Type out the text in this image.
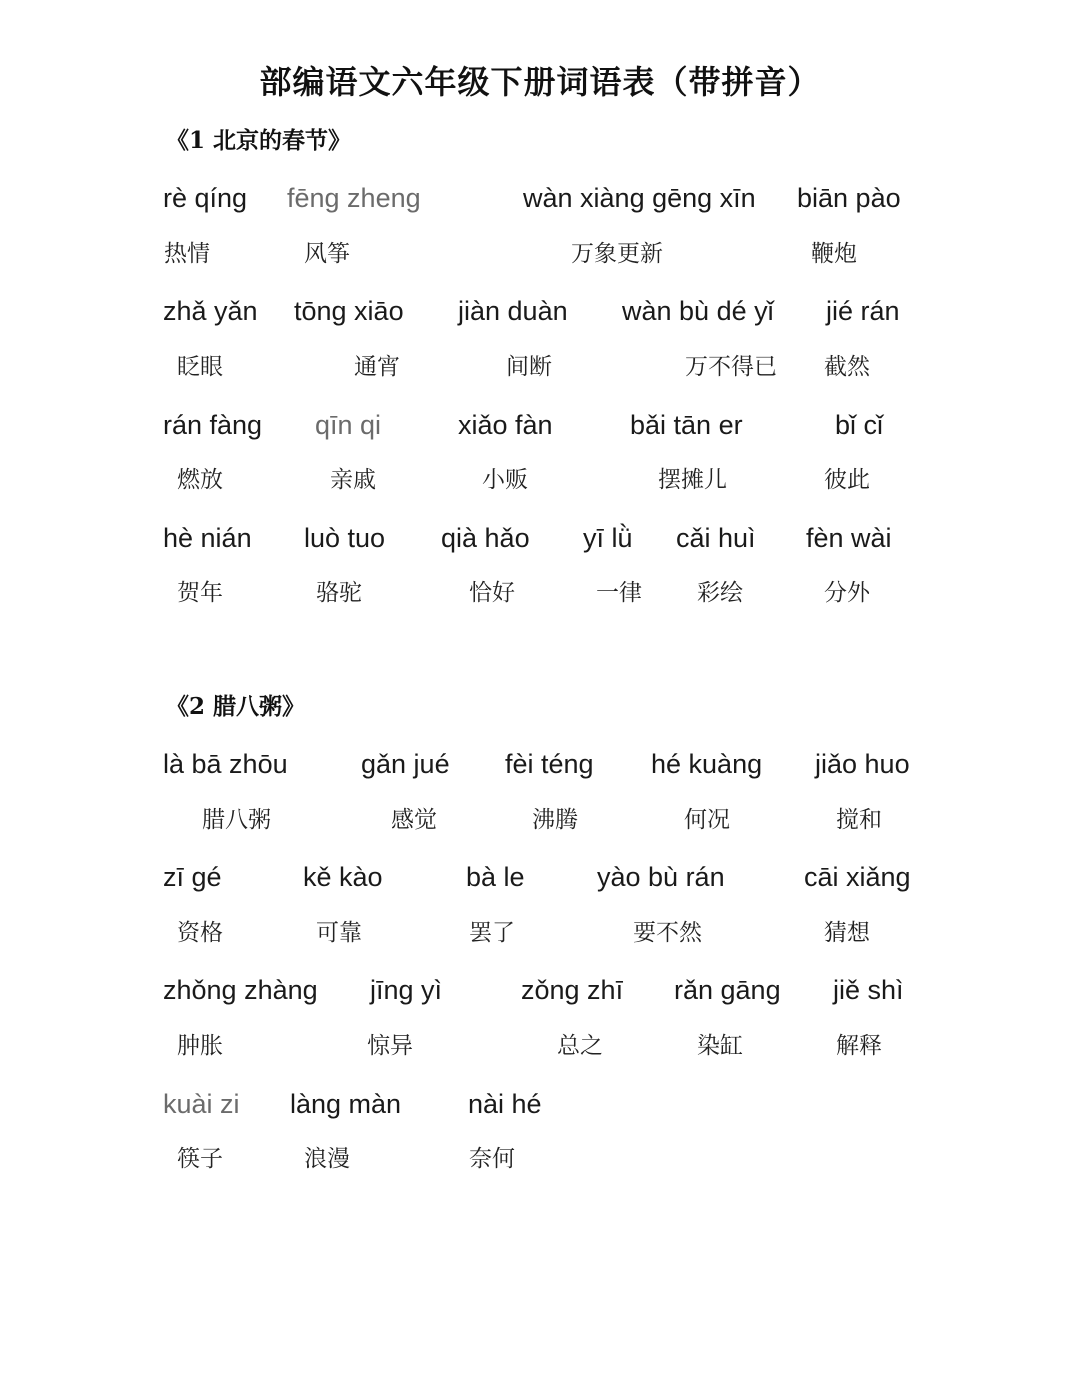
部编语文六年级下册词语表（带拼音）
《1 北京的春节》
rè qíng
热情
fēng zheng
风筝
wàn xiàng gēng xīn
万象更新
biān pào
鞭炮
zhǎ yǎn
眨眼
tōng xiāo
通宵
jiàn duàn
间断
wàn bù dé yǐ
万不得已
jié rán
截然
rán fàng
燃放
qīn qi
亲戚
xiǎo fàn
小贩
bǎi tān er
摆摊儿
bǐ cǐ
彼此
hè nián
贺年
luò tuo
骆驼
qià hǎo
恰好
yī lǜ
一律
cǎi huì
彩绘
fèn wài
分外
《2 腊八粥》
là bā zhōu
腊八粥
gǎn jué
感觉
fèi téng
沸腾
hé kuàng
何况
jiǎo huo
搅和
zī gé
资格
kě kào
可靠
bà le
罢了
yào bù rán
要不然
cāi xiǎng
猜想
zhǒng zhàng
肿胀
jīng yì
惊异
zǒng zhī
总之
rǎn gāng
染缸
jiě shì
解释
kuài zi
筷子
làng màn
浪漫
nài hé
奈何
